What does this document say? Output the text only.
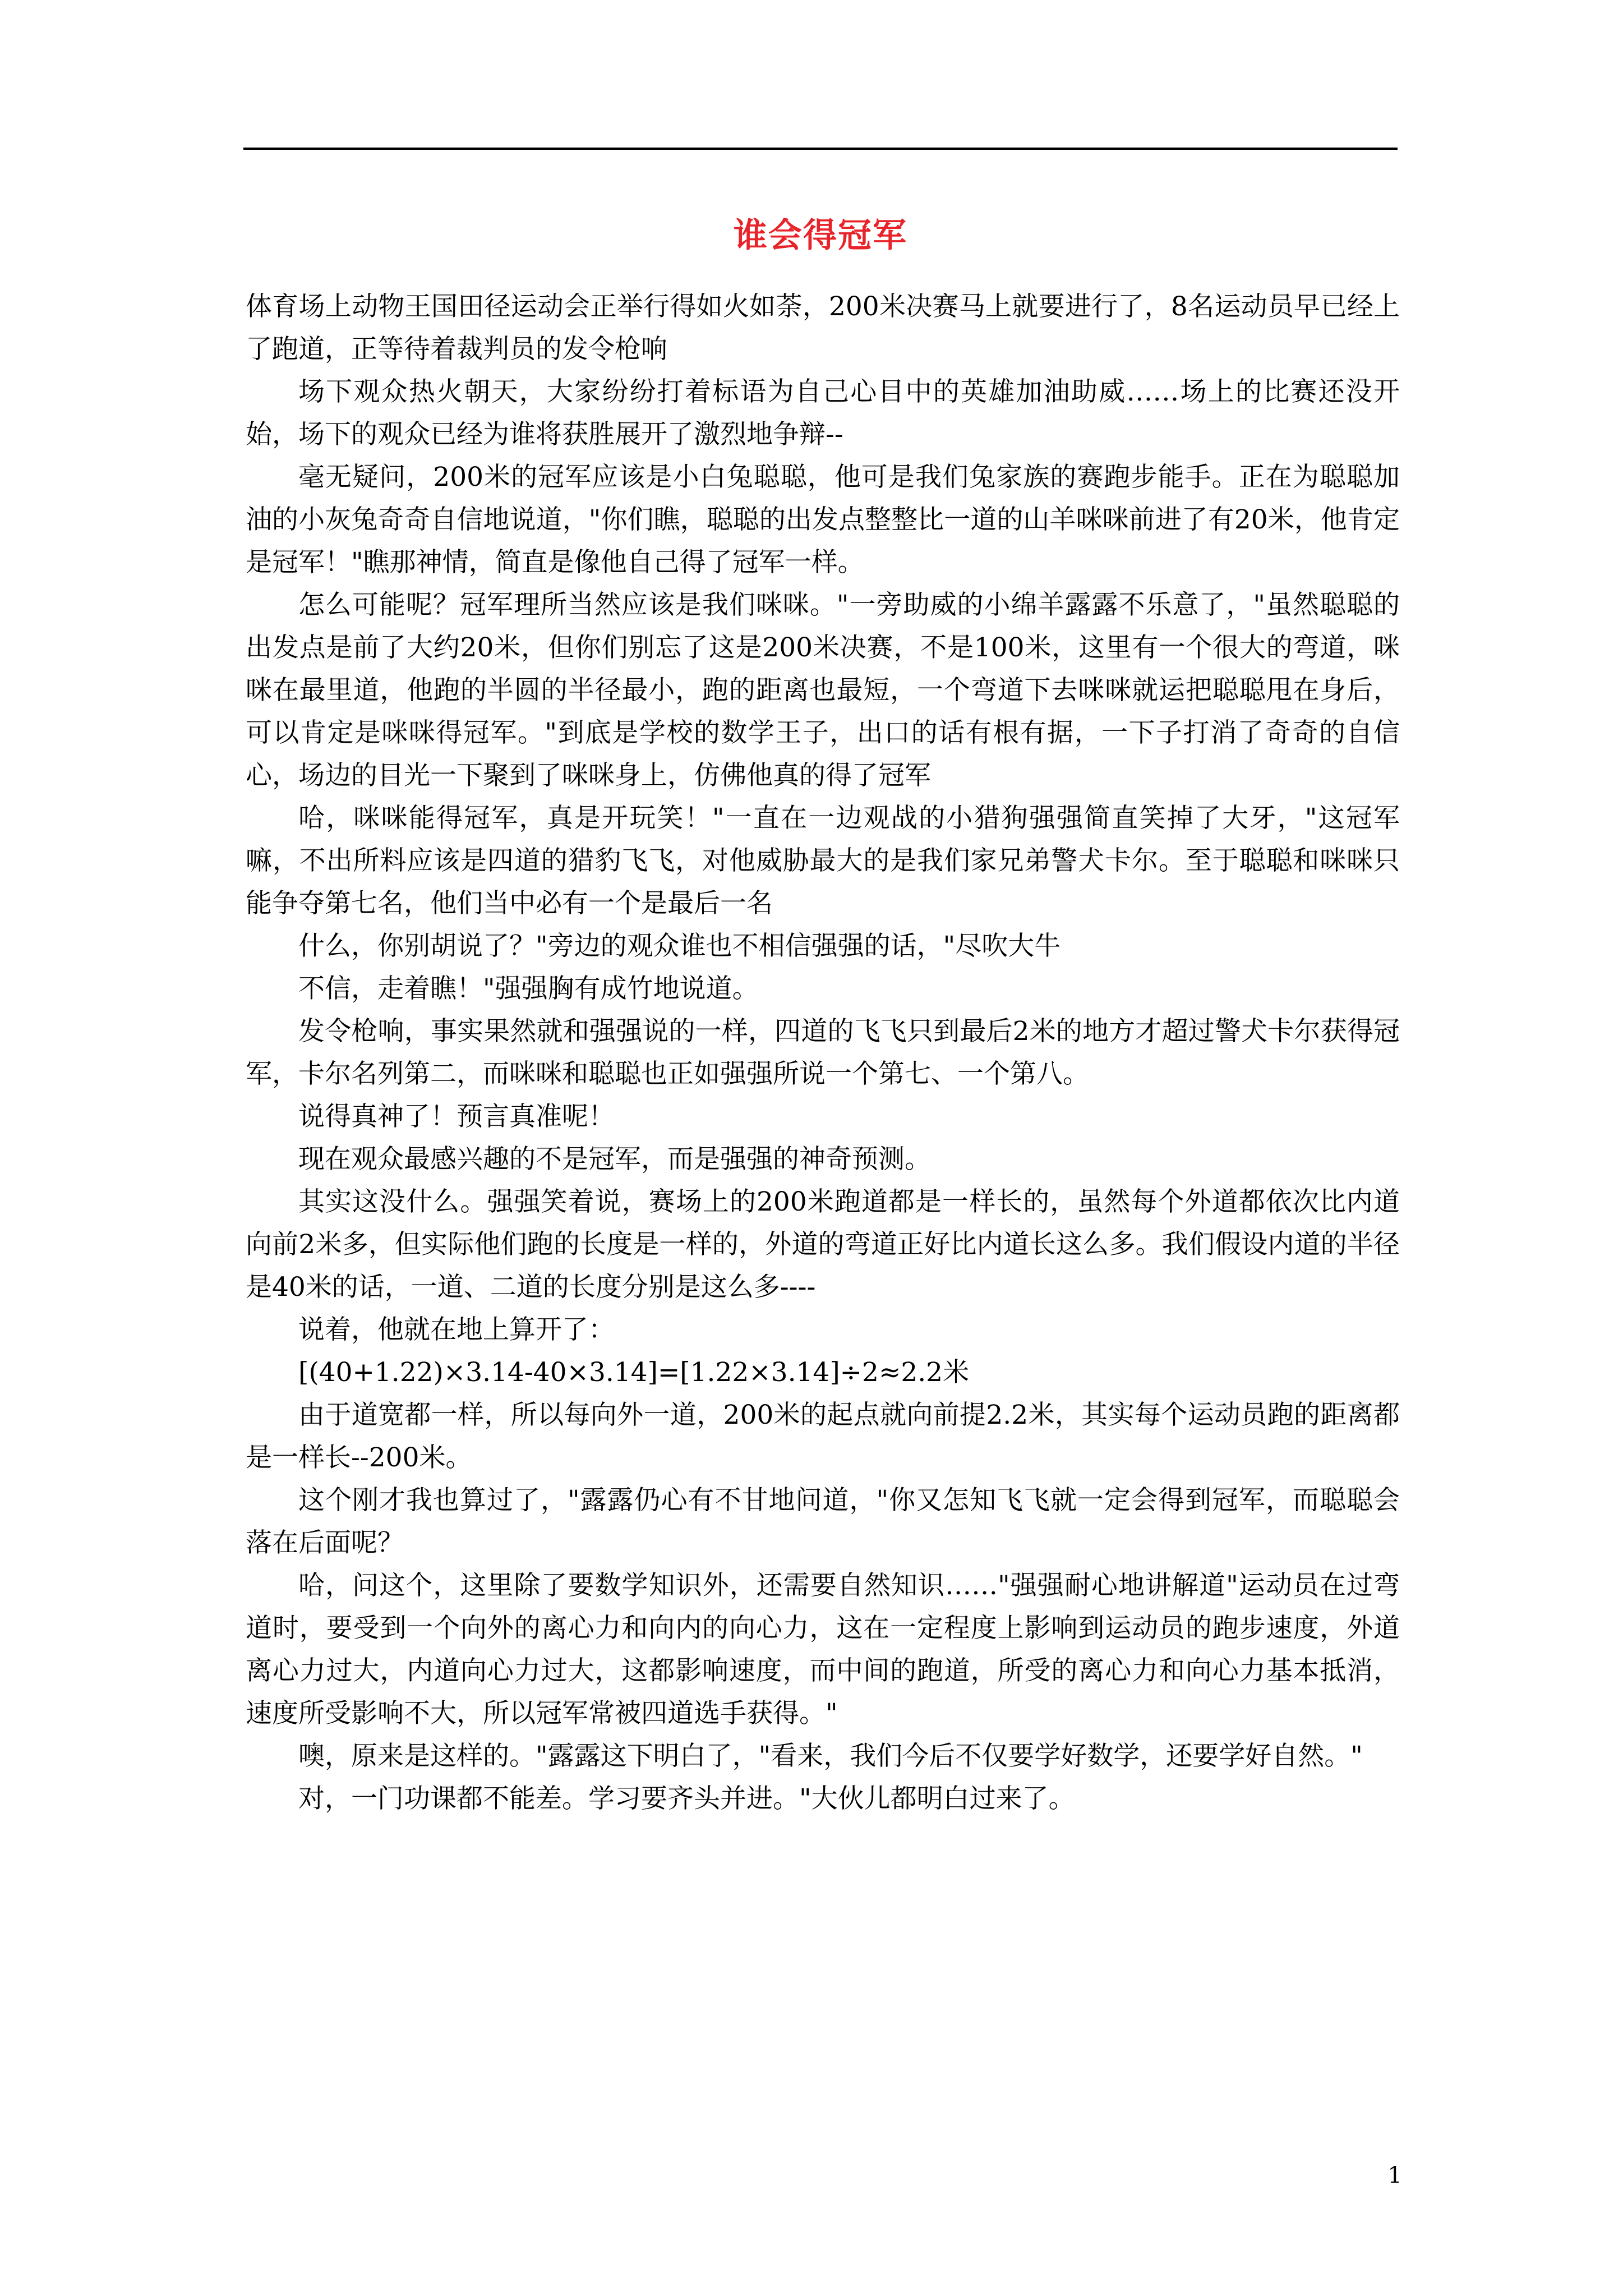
谁会得冠军

体育场上动物王国田径运动会正举行得如火如荼，200米决赛马上就要进行了，8名运动员早已经上了跑道，正等待着裁判员的发令枪响

场下观众热火朝天，大家纷纷打着标语为自己心目中的英雄加油助威……场上的比赛还没开始，场下的观众已经为谁将获胜展开了激烈地争辩--

毫无疑问，200米的冠军应该是小白兔聪聪，他可是我们兔家族的赛跑步能手。正在为聪聪加油的小灰兔奇奇自信地说道，"你们瞧，聪聪的出发点整整比一道的山羊咪咪前进了有20米，他肯定是冠军！"瞧那神情，简直是像他自己得了冠军一样。

怎么可能呢？冠军理所当然应该是我们咪咪。"一旁助威的小绵羊露露不乐意了，"虽然聪聪的出发点是前了大约20米，但你们别忘了这是200米决赛，不是100米，这里有一个很大的弯道，咪咪在最里道，他跑的半圆的半径最小，跑的距离也最短，一个弯道下去咪咪就运把聪聪甩在身后，可以肯定是咪咪得冠军。"到底是学校的数学王子，出口的话有根有据，一下子打消了奇奇的自信心，场边的目光一下聚到了咪咪身上，仿佛他真的得了冠军

哈，咪咪能得冠军，真是开玩笑！"一直在一边观战的小猎狗强强简直笑掉了大牙，"这冠军嘛，不出所料应该是四道的猎豹飞飞，对他威胁最大的是我们家兄弟警犬卡尔。至于聪聪和咪咪只能争夺第七名，他们当中必有一个是最后一名

什么，你别胡说了？"旁边的观众谁也不相信强强的话，"尽吹大牛

不信，走着瞧！"强强胸有成竹地说道。

发令枪响，事实果然就和强强说的一样，四道的飞飞只到最后2米的地方才超过警犬卡尔获得冠军，卡尔名列第二，而咪咪和聪聪也正如强强所说一个第七、一个第八。

说得真神了！预言真准呢！

现在观众最感兴趣的不是冠军，而是强强的神奇预测。

其实这没什么。强强笑着说，赛场上的200米跑道都是一样长的，虽然每个外道都依次比内道向前2米多，但实际他们跑的长度是一样的，外道的弯道正好比内道长这么多。我们假设内道的半径是40米的话，一道、二道的长度分别是这么多----

说着，他就在地上算开了：

[(40+1.22)×3.14-40×3.14]=[1.22×3.14]÷2≈2.2米

由于道宽都一样，所以每向外一道，200米的起点就向前提2.2米，其实每个运动员跑的距离都是一样长--200米。

这个刚才我也算过了，"露露仍心有不甘地问道，"你又怎知飞飞就一定会得到冠军，而聪聪会落在后面呢？

哈，问这个，这里除了要数学知识外，还需要自然知识……"强强耐心地讲解道"运动员在过弯道时，要受到一个向外的离心力和向内的向心力，这在一定程度上影响到运动员的跑步速度，外道离心力过大，内道向心力过大，这都影响速度，而中间的跑道，所受的离心力和向心力基本抵消，速度所受影响不大，所以冠军常被四道选手获得。"

噢，原来是这样的。"露露这下明白了，"看来，我们今后不仅要学好数学，还要学好自然。"

对，一门功课都不能差。学习要齐头并进。"大伙儿都明白过来了。

1
